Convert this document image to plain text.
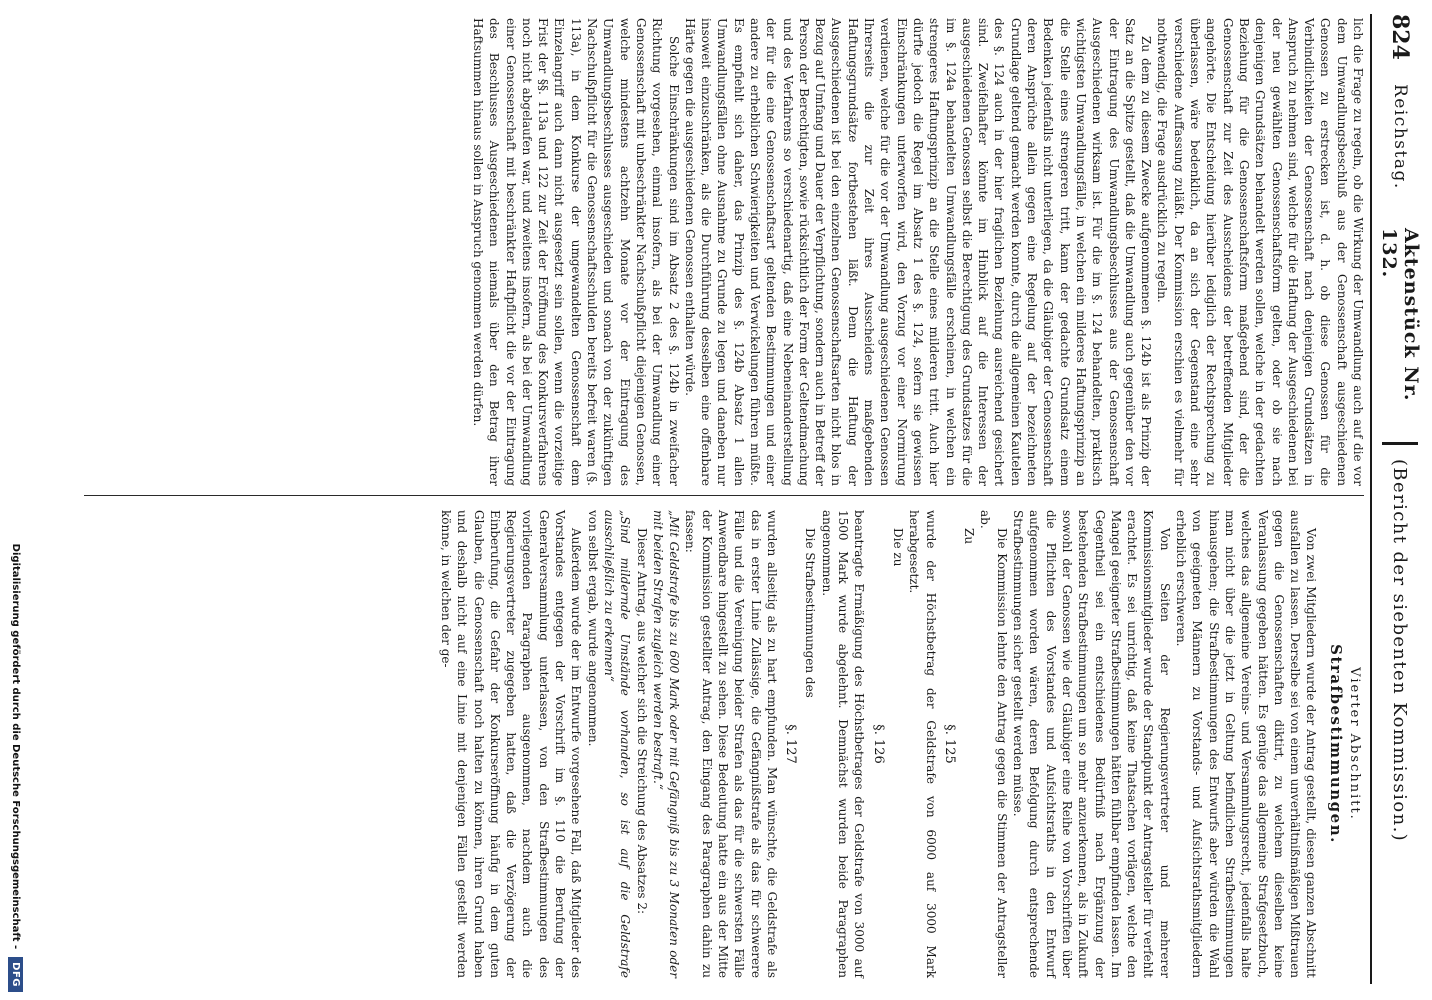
824
Reichstag.
Aktenstück Nr. 132.
(Bericht der siebenten Kommission.)

lich die Frage zu regeln, ob die Wirkung der Umwandlung auch auf die vor dem Umwandlungsbeschluß aus der Genossenschaft ausgeschiedenen Genossen zu erstrecken ist, d. h. ob diese Genossen für die Verbindlichkeiten der Genossenschaft nach denjenigen Grundsätzen in Anspruch zu nehmen sind, welche für die Haftung der Ausgeschiedenen bei der neu gewählten Genossenschaftsform gelten, oder ob sie nach denjenigen Grundsätzen behandelt werden sollen, welche in der gedachten Beziehung für die Genossenschaftsform maßgebend sind, der die Genossenschaft zur Zeit des Ausscheidens der betreffenden Mitglieder angehörte. Die Entscheidung hierüber lediglich der Rechtsprechung zu überlassen, wäre bedenklich, da an sich der Gegenstand eine sehr verschiedene Auffassung zuläßt. Der Kommission erschien es vielmehr für nothwendig, die Frage ausdrücklich zu regeln.

Zu dem zu diesem Zwecke aufgenommenen §. 124b ist als Prinzip der Satz an die Spitze gestellt, daß die Umwandlung auch gegenüber den vor der Eintragung des Umwandlungsbeschlusses aus der Genossenschaft Ausgeschiedenen wirksam ist. Für die im §. 124 behandelten, praktisch wichtigsten Umwandlungsfälle, in welchen ein milderes Haftungsprinzip an die Stelle eines strengeren tritt, kann der gedachte Grundsatz einem Bedenken jedenfalls nicht unterliegen, da die Gläubiger der Genossenschaft deren Ansprüche allein gegen eine Regelung auf der bezeichneten Grundlage geltend gemacht werden konnte, durch die allgemeinen Kautelen des §. 124 auch in der hier fraglichen Beziehung ausreichend gesichert sind. Zweifelhafter könnte im Hinblick auf die Interessen der ausgeschiedenen Genossen selbst die Berechtigung des Grundsatzes für die im §. 124a behandelten Umwandlungsfälle erscheinen, in welchen ein strengeres Haftungsprinzip an die Stelle eines milderen tritt. Auch hier dürfte jedoch die Regel im Absatz 1 des §. 124, sofern sie gewissen Einschränkungen unterworfen wird, den Vorzug vor einer Normirung verdienen, welche für die vor der Umwandlung ausgeschiedenen Genossen Ihrerseits die zur Zeit ihres Ausscheidens maßgebenden Haftungsgrundsätze fortbestehen läßt. Denn die Haftung der Ausgeschiedenen ist bei den einzelnen Genossenschaftsarten nicht blos in Bezug auf Umfang und Dauer der Verpflichtung, sondern auch in Betreff der Person der Berechtigten, sowie rücksichtlich der Form der Geltendmachung und des Verfahrens so verschiedenartig, daß eine Nebeneinanderstellung der für die eine Genossenschaftsart geltenden Bestimmungen und einer andere zu erheblichen Schwierigkeiten und Verwickelungen führen müßte. Es empfiehlt sich daher, das Prinzip des §. 124b Absatz 1 allen Umwandlungsfällen ohne Ausnahme zu Grunde zu legen und daneben nur insoweit einzuschränken, als die Durchführung desselben eine offenbare Härte gegen die ausgeschiedenen Genossen enthalten würde.

Solche Einschränkungen sind im Absatz 2 des §. 124b in zweifacher Richtung vorgesehen, einmal insofern, als bei der Umwandlung einer Genossenschaft mit unbeschränkter Nachschußpflicht diejenigen Genossen, welche mindestens achtzehn Monate vor der Eintragung des Umwandlungsbeschlusses ausgeschieden und sonach von der zukünftigen Nachschußpflicht für die Genossenschaftsschulden bereits befreit waren (§. 113a), in dem Konkurse der umgewandelten Genossenschaft dem Einzelangriff auch dann nicht ausgesetzt sein sollen, wenn die vorzeitige Frist der §§. 113a und 122 zur Zeit der Eröffnung des Konkursverfahrens noch nicht abgelaufen war, und zweitens insofern, als bei der Umwandlung einer Genossenschaft mit beschränkter Haftpflicht die vor der Eintragung des Beschlusses Ausgeschiedenen niemals über den Betrag ihrer Haftsummen hinaus sollen in Anspruch genommen werden dürfen.

Vierter Abschnitt.
Strafbestimmungen.

Von zwei Mitgliedern wurde der Antrag gestellt, diesen ganzen Abschnitt ausfallen zu lassen. Derselbe sei von einem unverhältnißmäßigen Mißtrauen gegen die Genossenschaften diktirt, zu welchem dieselben keine Veranlassung gegeben hätten. Es genüge das allgemeine Strafgesetzbuch, welches das allgemeine Vereins- und Versammlungsrecht, jedenfalls halte man nicht über die jetzt in Geltung befindlichen Strafbestimmungen hinausgehen; die Strafbestimmungen des Entwurfs aber würden die Wahl von geeigneten Männern zu Vorstands- und Aufsichtsrathsmitgliedern erheblich erschweren.

Von Seiten der Regierungsvertreter und mehrerer Kommissionsmitglieder wurde der Standpunkt der Antragsteller für verfehlt erachtet. Es sei unrichtig, daß keine Thatsachen vorlägen, welche den Mangel geeigneter Strafbestimmungen hätten fühlbar empfinden lassen. Im Gegentheil sei ein entschiedenes Bedürfniß nach Ergänzung der bestehenden Strafbestimmungen um so mehr anzuerkennen, als in Zukunft sowohl der Genossen wie der Gläubiger eine Reihe von Vorschriften über die Pflichten des Vorstandes und Aufsichtsraths in den Entwurf aufgenommen worden wären, deren Befolgung durch entsprechende Strafbestimmungen sicher gestellt werden müsse.

Die Kommission lehnte den Antrag gegen die Stimmen der Antragsteller ab.

Zu

§. 125

wurde der Höchstbetrag der Geldstrafe von 6000 auf 3000 Mark herabgesetzt.

Die zu

§. 126

beantragte Ermäßigung des Höchstbetrages der Geldstrafe von 3000 auf 1500 Mark wurde abgelehnt. Demnächst wurden beide Paragraphen angenommen.

Die Strafbestimmungen des

§. 127

wurden allseitig als zu hart empfunden. Man wünschte, die Geldstrafe als das in erster Linie Zulässige, die Gefängnißstrafe als das für schwerere Fälle und die Vereinigung beider Strafen als das für die schwersten Fälle Anwendbare hingestellt zu sehen. Diese Bedeutung hatte ein aus der Mitte der Kommission gestellter Antrag, den Eingang des Paragraphen dahin zu fassen:

„Mit Geldstrafe bis zu 600 Mark oder mit Gefängniß bis zu 3 Monaten oder mit beiden Strafen zugleich werden bestraft.“

Dieser Antrag, aus welcher sich die Streichung des Absatzes 2:

„Sind mildernde Umstände vorhanden, so ist auf die Geldstrafe ausschließlich zu erkennen“

von selbst ergab, wurde angenommen.

Außerdem wurde der im Entwurfe vorgesehene Fall, daß Mitglieder des Vorstandes entgegen der Vorschrift im §. 110 die Berufung der Generalversammlung unterlassen, von den Strafbestimmungen des vorliegenden Paragraphen ausgenommen, nachdem auch die Regierungsvertreter zugegeben hatten, daß die Verzögerung der Einberufung, die Gefahr der Konkurseröffnung häufig in dem guten Glauben, die Genossenschaft noch halten zu können, ihren Grund haben und deshalb nicht auf eine Linie mit denjenigen Fällen gestellt werden könne, in welchen der ge-

Digitalisierung gefördert durch die Deutsche Forschungsgemeinschaft -
DFG
